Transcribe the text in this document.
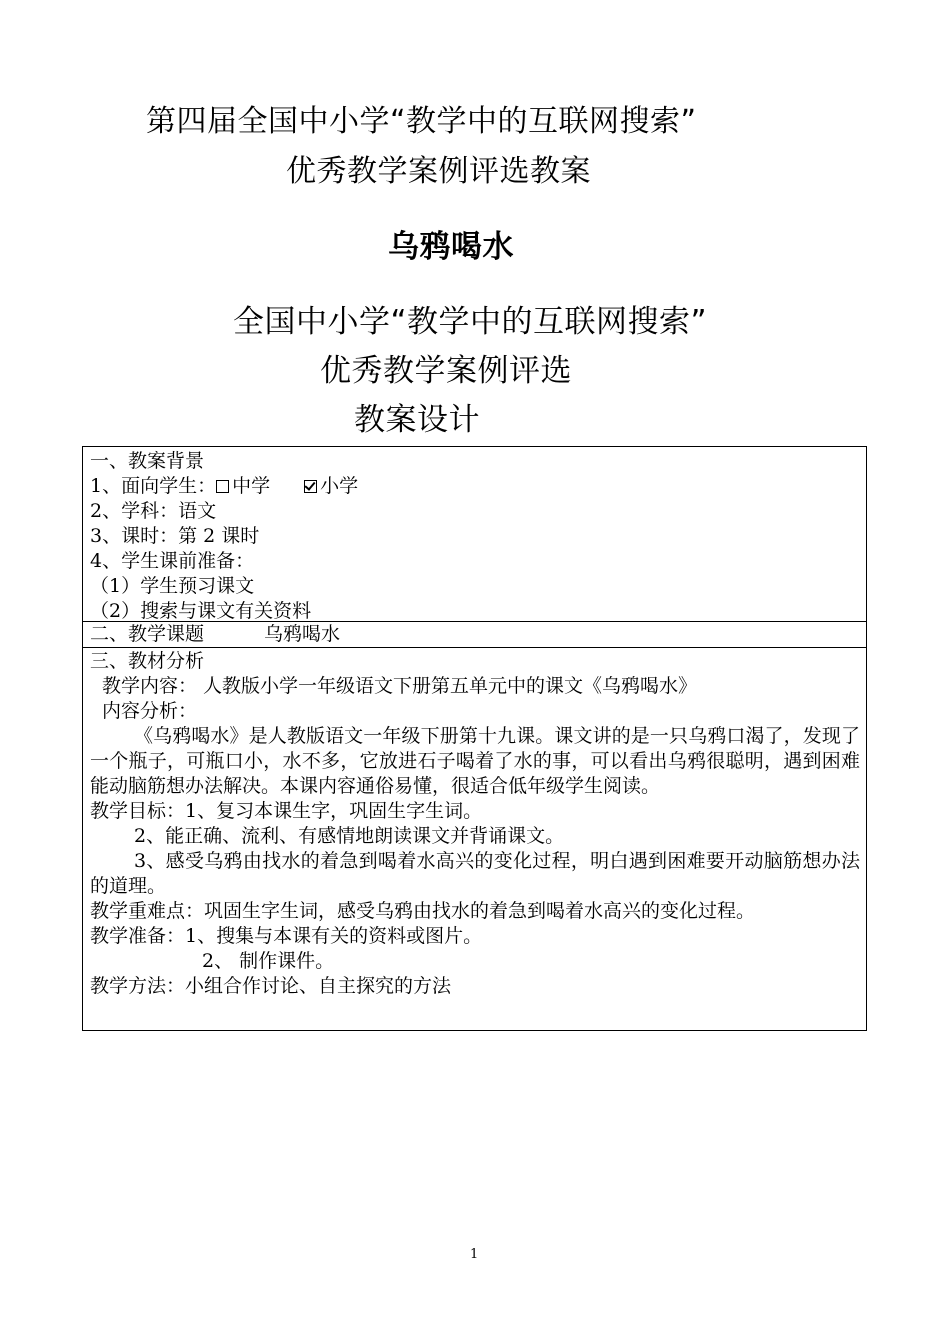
第四届全国中小学“教学中的互联网搜索”
优秀教学案例评选教案
乌鸦喝水
全国中小学“教学中的互联网搜索”
优秀教学案例评选
教案设计
一、教案背景
1、面向学生： 中学	小学
2、学科：语文
3、课时：第 2 课时
4、学生课前准备：
（1）学生预习课文
（2）搜索与课文有关资料
二、教学课题	乌鸦喝水
三、教材分析
教学内容： 人教版小学一年级语文下册第五单元中的课文《乌鸦喝水》
内容分析：
《乌鸦喝水》是人教版语文一年级下册第十九课。课文讲的是一只乌鸦口渴了，发现了一个瓶子，可瓶口小，水不多，它放进石子喝着了水的事，可以看出乌鸦很聪明，遇到困难能动脑筋想办法解决。本课内容通俗易懂，很适合低年级学生阅读。
教学目标：1、复习本课生字，巩固生字生词。
2、能正确、流利、有感情地朗读课文并背诵课文。
3、感受乌鸦由找水的着急到喝着水高兴的变化过程，明白遇到困难要开动脑筋想办法的道理。
教学重难点：巩固生字生词，感受乌鸦由找水的着急到喝着水高兴的变化过程。
教学准备：1、搜集与本课有关的资料或图片。
2、 制作课件。
教学方法：小组合作讨论、自主探究的方法
1
